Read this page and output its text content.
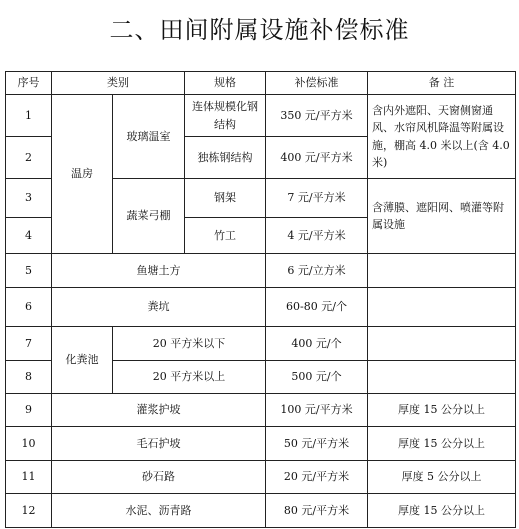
二、田间附属设施补偿标准
序号	类别		规格	补偿标准	备 注
1	温房	玻璃温室	连体规模化钢结构	350 元/平方米	含内外遮阳、天窗侧窗通风、水帘风机降温等附属设施，棚高 4.0 米以上(含 4.0 米)
2			独栋钢结构	400 元/平方米	
3		蔬菜弓棚	钢架	7 元/平方米	含薄膜、遮阳网、喷灌等附属设施
4			竹工	4 元/平方米	
5	鱼塘土方			6 元/立方米	
6	粪坑			60-80 元/个	
7	化粪池	20 平方米以下		400 元/个	
8		20 平方米以上		500 元/个	
9	灌浆护坡			100 元/平方米	厚度 15 公分以上
10	毛石护坡			50 元/平方米	厚度 15 公分以上
11	砂石路			20 元/平方米	厚度 5 公分以上
12	水泥、沥青路			80 元/平方米	厚度 15 公分以上
